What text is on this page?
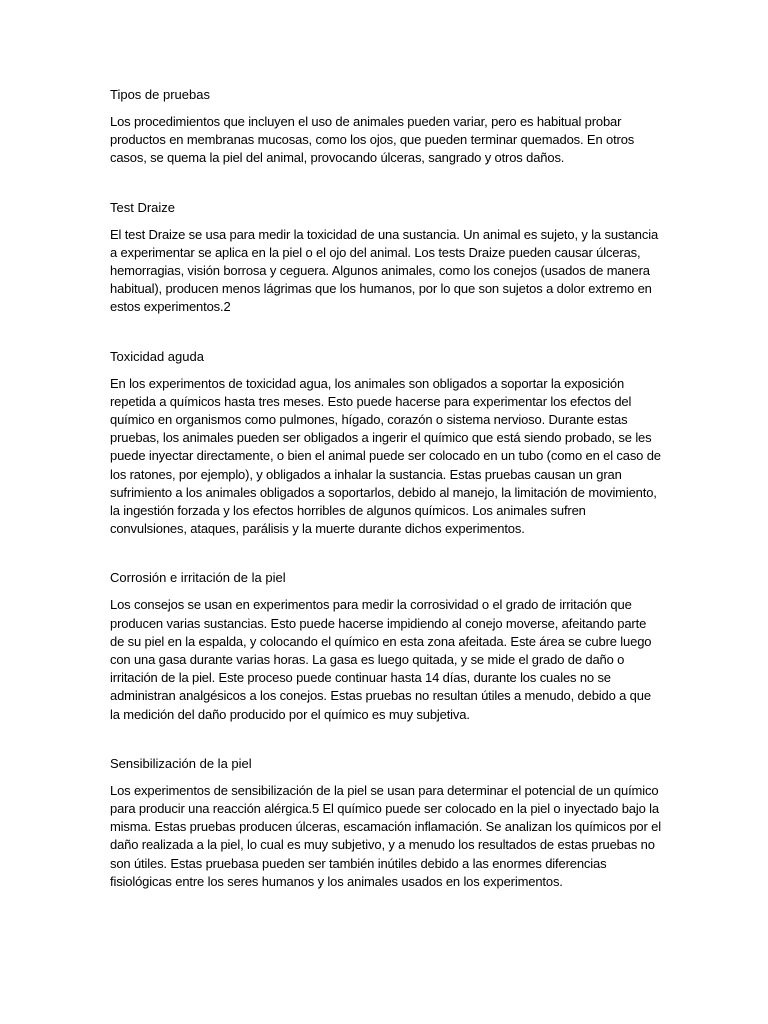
Tipos de pruebas

Los procedimientos que incluyen el uso de animales pueden variar, pero es habitual probar productos en membranas mucosas, como los ojos, que pueden terminar quemados. En otros casos, se quema la piel del animal, provocando úlceras, sangrado y otros daños.

Test Draize

El test Draize se usa para medir la toxicidad de una sustancia. Un animal es sujeto, y la sustancia a experimentar se aplica en la piel o el ojo del animal. Los tests Draize pueden causar úlceras, hemorragias, visión borrosa y ceguera. Algunos animales, como los conejos (usados de manera habitual), producen menos lágrimas que los humanos, por lo que son sujetos a dolor extremo en estos experimentos.2

Toxicidad aguda

En los experimentos de toxicidad agua, los animales son obligados a soportar la exposición repetida a químicos hasta tres meses. Esto puede hacerse para experimentar los efectos del químico en organismos como pulmones, hígado, corazón o sistema nervioso. Durante estas pruebas, los animales pueden ser obligados a ingerir el químico que está siendo probado, se les puede inyectar directamente, o bien el animal puede ser colocado en un tubo (como en el caso de los ratones, por ejemplo), y obligados a inhalar la sustancia. Estas pruebas causan un gran sufrimiento a los animales obligados a soportarlos, debido al manejo, la limitación de movimiento, la ingestión forzada y los efectos horribles de algunos químicos. Los animales sufren convulsiones, ataques, parálisis y la muerte durante dichos experimentos.

Corrosión e irritación de la piel

Los consejos se usan en experimentos para medir la corrosividad o el grado de irritación que producen varias sustancias. Esto puede hacerse impidiendo al conejo moverse, afeitando parte de su piel en la espalda, y colocando el químico en esta zona afeitada. Este área se cubre luego con una gasa durante varias horas. La gasa es luego quitada, y se mide el grado de daño o irritación de la piel. Este proceso puede continuar hasta 14 días, durante los cuales no se administran analgésicos a los conejos. Estas pruebas no resultan útiles a menudo, debido a que la medición del daño producido por el químico es muy subjetiva.

Sensibilización de la piel

Los experimentos de sensibilización de la piel se usan para determinar el potencial de un químico para producir una reacción alérgica.5 El químico puede ser colocado en la piel o inyectado bajo la misma. Estas pruebas producen úlceras, escamación inflamación. Se analizan los químicos por el daño realizada a la piel, lo cual es muy subjetivo, y a menudo los resultados de estas pruebas no son útiles. Estas pruebasa pueden ser también inútiles debido a las enormes diferencias fisiológicas entre los seres humanos y los animales usados en los experimentos.
